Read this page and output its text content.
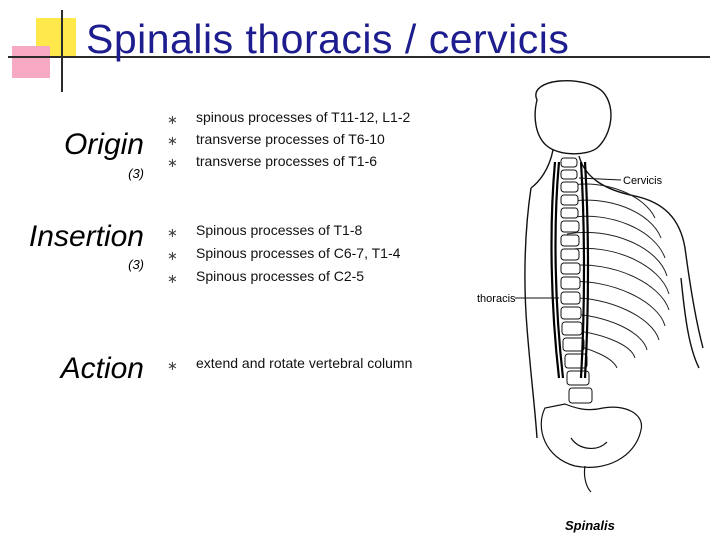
Spinalis thoracis / cervicis
Origin
(3)
∗
∗
∗
spinous processes of T11-12, L1-2
transverse processes of T6-10
transverse processes of T1-6
Insertion
(3)
∗
∗
∗
Spinous processes of T1-8
Spinous processes of C6-7, T1-4
Spinous processes of C2-5
Action ∗ extend and rotate vertebral column
Cervicis
thoracis
Spinalis
